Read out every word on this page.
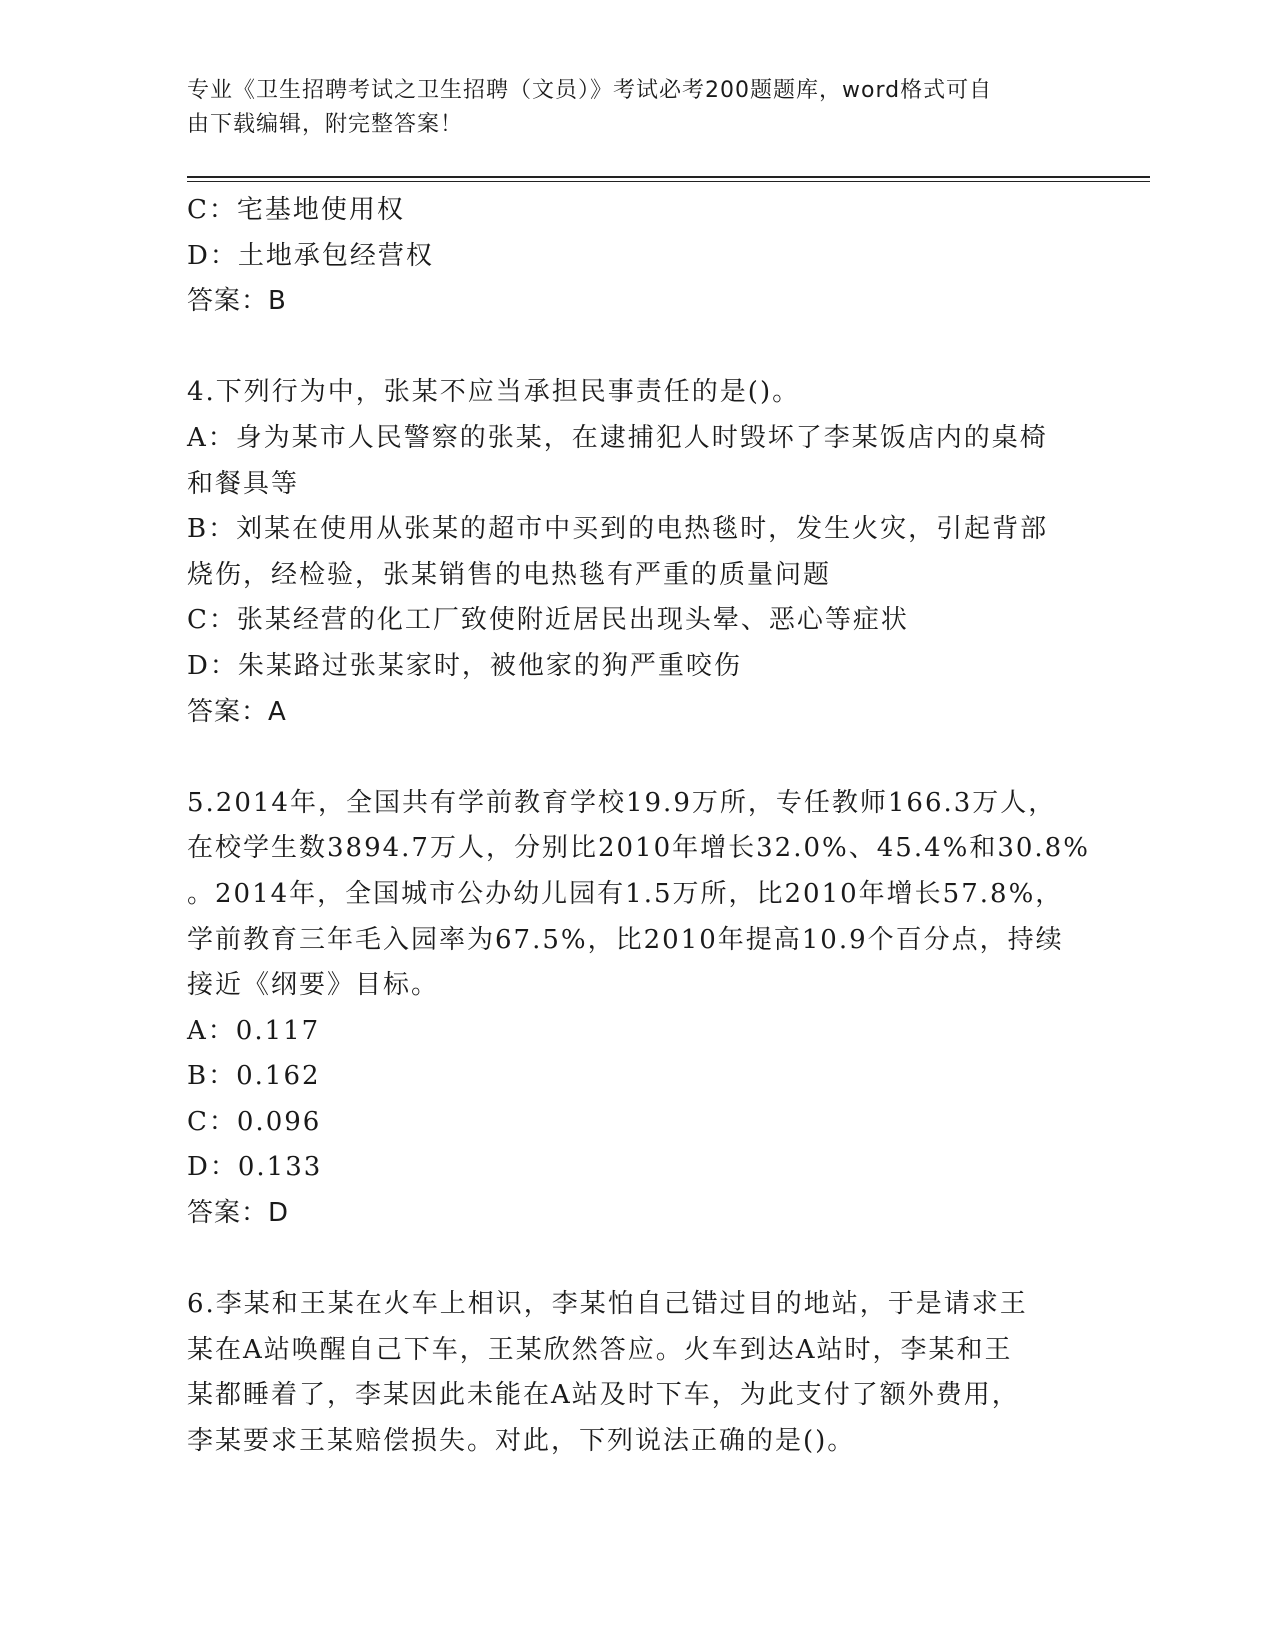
专业《卫生招聘考试之卫生招聘（文员）》考试必考200题题库，word格式可自
由下载编辑，附完整答案！
C：宅基地使用权
D：土地承包经营权
答案：B
4.下列行为中，张某不应当承担民事责任的是()。
A：身为某市人民警察的张某，在逮捕犯人时毁坏了李某饭店内的桌椅
和餐具等
B：刘某在使用从张某的超市中买到的电热毯时，发生火灾，引起背部
烧伤，经检验，张某销售的电热毯有严重的质量问题
C：张某经营的化工厂致使附近居民出现头晕、恶心等症状
D：朱某路过张某家时，被他家的狗严重咬伤
答案：A
5.2014年，全国共有学前教育学校19.9万所，专任教师166.3万人，
在校学生数3894.7万人，分别比2010年增长32.0%、45.4%和30.8%
。2014年，全国城市公办幼儿园有1.5万所，比2010年增长57.8%，
学前教育三年毛入园率为67.5%，比2010年提高10.9个百分点，持续
接近《纲要》目标。
A：0.117
B：0.162
C：0.096
D：0.133
答案：D
6.李某和王某在火车上相识，李某怕自己错过目的地站，于是请求王
某在A站唤醒自己下车，王某欣然答应。火车到达A站时，李某和王
某都睡着了，李某因此未能在A站及时下车，为此支付了额外费用，
李某要求王某赔偿损失。对此，下列说法正确的是()。
